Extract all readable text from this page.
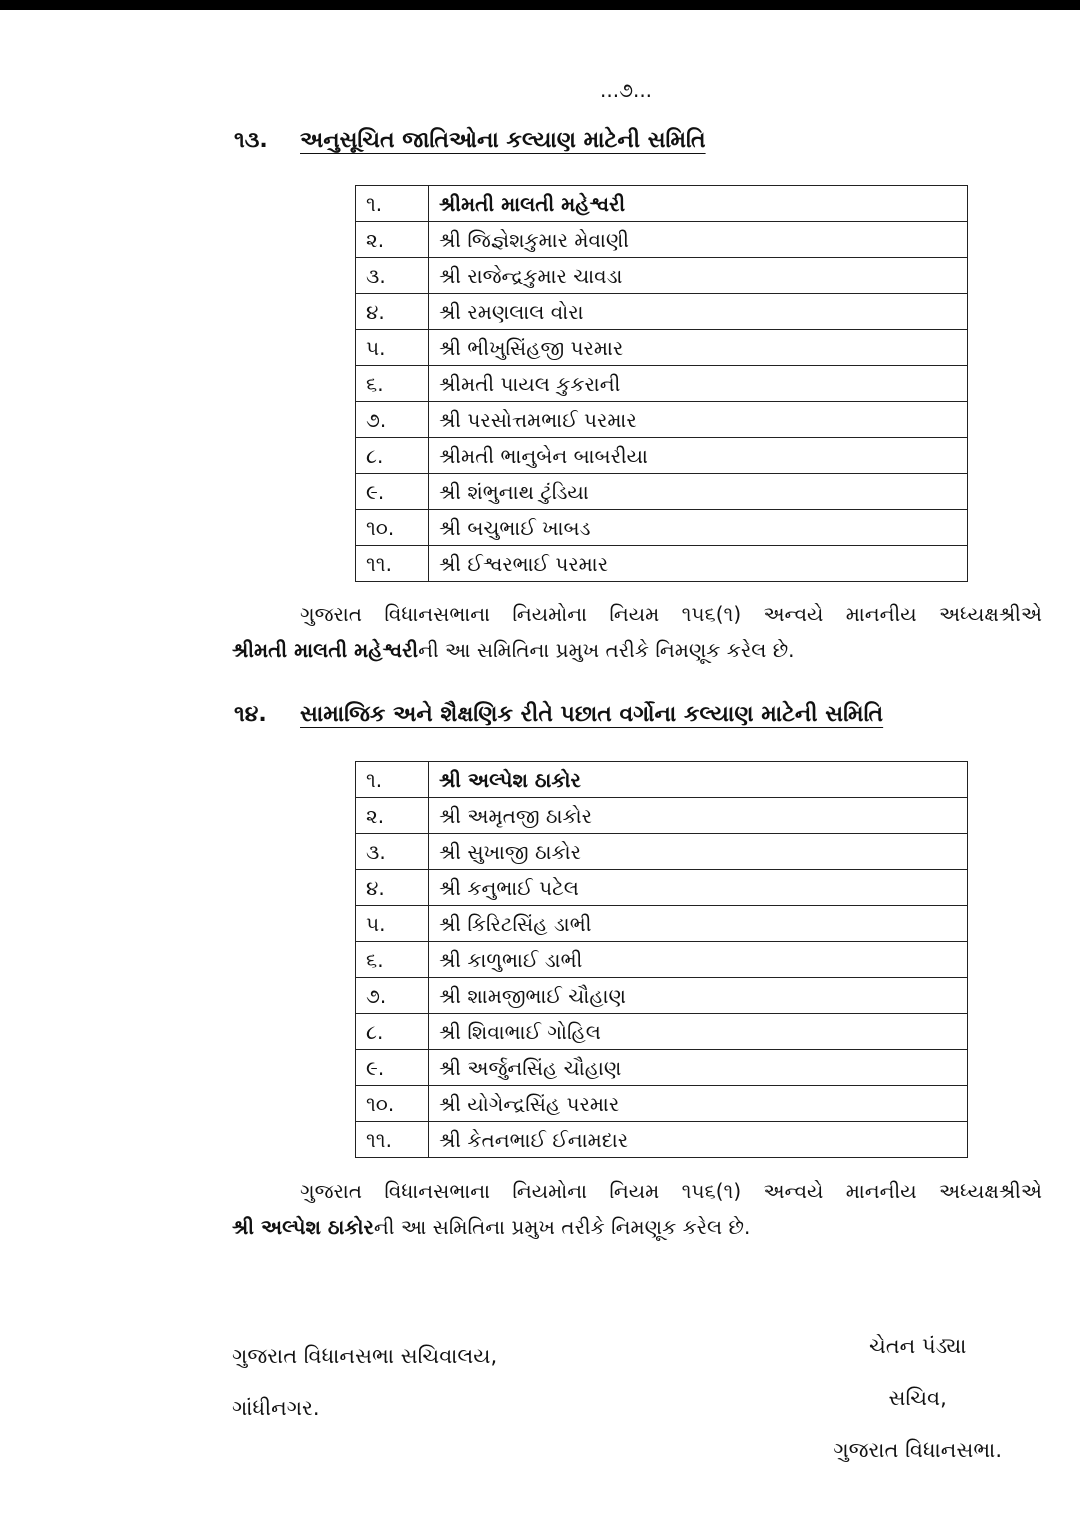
...૭...
૧૩.	અનુસૂચિત જાતિઓના કલ્યાણ માટેની સમિતિ
૧.	શ્રીમતી માલતી મહેશ્વરી
૨.	શ્રી જિજ્ઞેશકુમાર મેવાણી
૩.	શ્રી રાજેન્દ્રકુમાર ચાવડા
૪.	શ્રી રમણલાલ વોરા
૫.	શ્રી ભીખુસિંહજી પરમાર
૬.	શ્રીમતી પાયલ કુકરાની
૭.	શ્રી પરસોત્તમભાઈ પરમાર
૮.	શ્રીમતી ભાનુબેન બાબરીયા
૯.	શ્રી શંભુનાથ ટુંડિયા
૧૦.	શ્રી બચુભાઈ ખાબડ
૧૧.	શ્રી ઈશ્વરભાઈ પરમાર
ગુજરાત વિધાનસભાના નિયમોના નિયમ ૧૫૬(૧) અન્વયે માનનીય અધ્યક્ષશ્રીએ
શ્રીમતી માલતી મહેશ્વરીની આ સમિતિના પ્રમુખ તરીકે નિમણૂક કરેલ છે.
૧૪.	સામાજિક અને શૈક્ષણિક રીતે પછાત વર્ગોના કલ્યાણ માટેની સમિતિ
૧.	શ્રી અલ્પેશ ઠાકોર
૨.	શ્રી અમૃતજી ઠાકોર
૩.	શ્રી સુખાજી ઠાકોર
૪.	શ્રી કનુભાઈ પટેલ
૫.	શ્રી કિરિટસિંહ ડાભી
૬.	શ્રી કાળુભાઈ ડાભી
૭.	શ્રી શામજીભાઈ ચૌહાણ
૮.	શ્રી શિવાભાઈ ગોહિલ
૯.	શ્રી અર્જુનસિંહ ચૌહાણ
૧૦.	શ્રી યોગેન્દ્રસિંહ પરમાર
૧૧.	શ્રી કેતનભાઈ ઈનામદાર
ગુજરાત વિધાનસભાના નિયમોના નિયમ ૧૫૬(૧) અન્વયે માનનીય અધ્યક્ષશ્રીએ
શ્રી અલ્પેશ ઠાકોરની આ સમિતિના પ્રમુખ તરીકે નિમણૂક કરેલ છે.
ગુજરાત વિધાનસભા સચિવાલય,
ગાંધીનગર.
ચેતન પંડ્યા
સચિવ,
ગુજરાત વિધાનસભા.
